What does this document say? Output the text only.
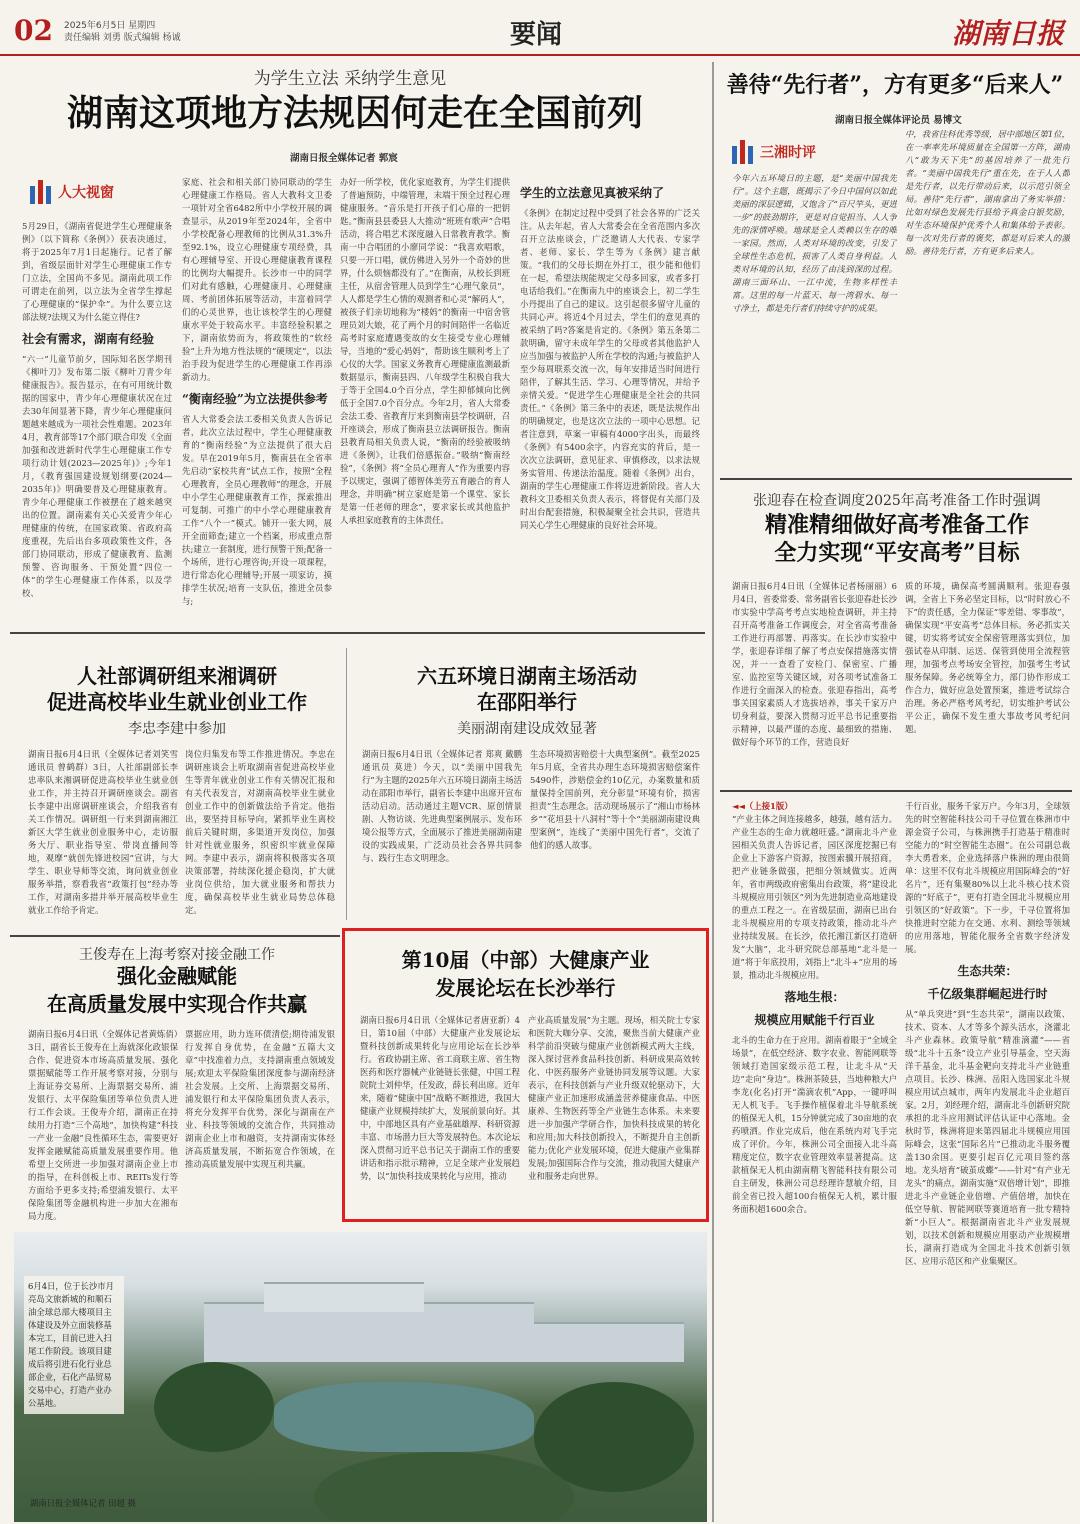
02 2025年6月5日 星期四
责任编辑 刘勇 版式编辑 杨诚	要闻	湖南日报
为学生立法 采纳学生意见
湖南这项地方法规因何走在全国前列
湖南日报全媒体记者 郭宸
人大视窗

5月29日，《湖南省促进学生心理健康条例》（以下简称《条例》）获表决通过，将于2025年7月1日起施行。记者了解到，省级层面针对学生心理健康工作专门立法，全国尚不多见。湖南此项工作可谓走在前列，以立法为全省学生撑起了心理健康的“保护伞”。为什么要立这部法规?法规又为什么能立得住?

社会有需求，湖南有经验

“六一”儿童节前夕，国际知名医学期刊《柳叶刀》发布第二版《柳叶刀青少年健康报告》。报告显示，在有可用统计数据的国家中，青少年心理健康状况在过去30年间显著下降，青少年心理健康问题越来越成为一项社会性难题。2023年4月，教育部等17个部门联合印发《全面加强和改进新时代学生心理健康工作专项行动计划(2023—2025年)》;今年1月，《教育强国建设规划纲要(2024—2035年)》明确要普及心理健康教育。青少年心理健康工作被摆在了越来越突出的位置。湖南素有关心关爱青少年心理健康的传统，在国家政策、省政府高度重视，先后出台多项政策性文件，各部门协同联动，形成了健康教育、监测预警、咨询服务、干预处置“四位一体”的学生心理健康工作体系，以及学校、

家庭、社会和相关部门协同联动的学生心理健康工作格局。省人大教科文卫委一项针对全省6482所中小学校开展的调查显示，从2019年至2024年，全省中小学校配备心理教师的比例从31.3%升至92.1%，设立心理健康专项经费，具有心理辅导室、开设心理健康教育课程的比例均大幅提升。长沙市一中的同学们对此有感触，心理健康月、心理健康周、考前团体拓展等活动，丰富着同学们的心灵世界，也让该校学生的心理健康水平处于较高水平。丰富经验积累之下，湖南依势而为，将政策性的“软经验”上升为地方性法规的“硬规定”，以法治手段为促进学生的心理健康工作再添新动力。

“衡南经验”为立法提供参考

省人大常委会法工委相关负责人告诉记者，此次立法过程中，学生心理健康教育的“衡南经验”为立法提供了很大启发。早在2019年5月，衡南县在全省率先启动“家校共育”试点工作，按照“全程心理教育，全员心理教师”的理念，开展中小学生心理健康教育工作，探索推出可复制、可推广的中小学心理健康教育工作“八个一”模式。铺开一张大网，展开全面筛查;建立一个档案，形成重点帮扶;建立一套制度，进行预警干预;配备一个场所，进行心理咨询;开设一项课程，进行常态化心理辅导;开展一项家访，摸排学生状况;培育一支队伍，推进全员参与;

办好一所学校，优化家庭教育，为学生们提供了普遍预防，中端管理，末端干预全过程心理健康服务。“音乐是打开孩子们心扉的一把钥匙。”衡南县县委县人大推动“班班有歌声”合唱活动，将合唱艺术深度融入日常教育教学。衡南一中合唱团的小廖同学说：“我喜欢唱歌，只要一开口唱，就仿佛进入另外一个奇妙的世界，什么烦恼都没有了。”在衡南，从校长到班主任，从宿舍管理人员到学生“心理气象员”，人人都是学生心情的观测者和心灵“解码人”，被孩子们亲切地称为“楼妈”的衡南一中宿舍管理员刘大娘，花了两个月的时间陪伴一名临近高考时家庭遭遇变故的女生接受专业心理辅导，当地的“爱心妈妈”，帮助该生顺利考上了心仪的大学。国家义务教育心理健康监测最新数据显示，衡南县四、八年级学生积极自我大于等于全国4.0个百分点，学生抑郁倾向比例低于全国7.0个百分点。今年2月，省人大常委会法工委、省教育厅来到衡南县学校调研，召开座谈会，形成了衡南县立法调研报告。衡南县教育局相关负责人说，“衡南的经验被吸纳进《条例》，让我们倍感振奋。”吸纳“衡南经验”，《条例》将“全员心理育人”作为重要内容予以规定，强调了德智体美劳五育融合的育人理念，并明确“树立家庭是第一个课堂、家长是第一任老师的理念”，要求家长或其他监护人承担家庭教育的主体责任。

学生的立法意见真被采纳了

《条例》在制定过程中受到了社会各界的广泛关注。从去年起，省人大常委会在全省范围内多次召开立法座谈会，广泛邀请人大代表、专家学者、老师、家长、学生等为《条例》建言献策。“我们的父母长期在外打工，很少能和他们在一起，希望法规能规定父母多回家，或者多打电话给我们。”在衡南九中的座谈会上，初二学生小丹提出了自己的建议。这引起很多留守儿童的共同心声。将近4个月过去，学生们的意见真的被采纳了吗?答案是肯定的。《条例》第五条第二款明确，留守未成年学生的父母或者其他监护人应当加强与被监护人所在学校的沟通;与被监护人至少每周联系交流一次，每年安排适当时间进行陪伴，了解其生活、学习、心理等情况，并给予亲情关爱。“促进学生心理健康是全社会的共同责任。”《条例》第三条中的表述，既是法规作出的明确规定，也是这次立法的一项中心思想。记者注意到，草案一审稿有4000字出头，而最终《条例》有5400余字，内容充实的背后，是一次次立法调研，意见征求、审慎修改，以求法规务实管用、传递法治温度。随着《条例》出台，湖南的学生心理健康工作将迈进新阶段。省人大教科文卫委相关负责人表示，将督促有关部门及时出台配套措施，积极凝聚全社会共识，营造共同关心学生心理健康的良好社会环境。

善待“先行者”，方有更多“后来人”
湖南日报全媒体评论员 易博文
三湘时评

今年六五环境日的主题，是“美丽中国我先行”。这个主题，既揭示了今日中国何以如此美丽的深层逻辑，又饱含了“百尺竿头，更进一步”的鼓劲期许，更是对自觉担当、人人争先的深情呼唤。地球是全人类赖以生存的唯一家园。然而，人类对环境的改变，引发了全球性生态危机，损害了人类自身利益。人类对环境的认知，经历了由浅到深的过程。湖南三面环山、一江中流，生物多样性丰富。这里的每一片蓝天、每一湾碧水、每一寸净土，都是先行者们持续守护的成果。

中，我省往科优秀等级，居中部地区第1位，在一率率先环境质量在全国第一方阵，湖南八“敢为天下先”的基因培养了一批先行者。“美丽中国我先行”重在先，在于人人都是先行者，以先行带动后来，以示范引领全局。善待“先行者”，湖南拿出了务实举措：比如对绿色发展先行县给予真金白银奖励，对生态环境保护优秀个人和集体给予表彰。每一次对先行者的褒奖，都是对后来人的激励。善待先行者，方有更多后来人。

张迎春在检查调度2025年高考准备工作时强调
精准精细做好高考准备工作
全力实现“平安高考”目标

湖南日报6月4日讯（全媒体记者杨丽丽）6月4日，省委常委、常务副省长张迎春赴长沙市实验中学高考考点实地检查调研，并主持召开高考准备工作调度会，对全省高考准备工作进行再部署、再落实。在长沙市实验中学，张迎春详细了解了考点安保措施落实情况，并一一查看了安检门、保密室、广播室、监控室等关键区域，对各项考试准备工作进行全面深入的检查。张迎春指出，高考事关国家素质人才选拔培养，事关千家万户切身利益，要深入贯彻习近平总书记重要指示精神，以最严谨的态度、最细致的措施、做好每个环节的工作，营造良好

质的环境，确保高考圆满顺利。张迎春强调，全省上下务必坚定目标，以“时时放心不下”的责任感，全力保证“零差错、零事故”，确保实现“平安高考”总体目标。务必抓实关键，切实将考试安全保密管理落实到位，加强试卷从印制、运送、保管到使用全流程管理，加强考点考场安全管控，加强考生考试服务保障。务必统筹全力，部门协作形成工作合力，做好应急处置预案，推进考试综合治理。务必严格考风考纪，切实维护考试公平公正，确保不发生重大事故考风考纪问题。

人社部调研组来湘调研
促进高校毕业生就业创业工作
李忠李建中参加

湖南日报6月4日讯（全媒体记者刘笑雪 通讯员 曾鹤群）3日，人社部副部长李忠率队来湘调研促进高校毕业生就业创业工作，并主持召开调研座谈会。副省长李建中出席调研座谈会，介绍我省有关工作情况。调研组一行来到湖南湘江新区大学生就业创业服务中心，走访服务大厅、职业指导室、带岗直播间等地，观摩“就创先锋进校园”宣讲，与大学生、职业导师等交流，询问就业创业服务举措，察看我省“政策打包”经办等工作，对湖南多措并举开展高校毕业生就业工作给予肯定。

岗位归集发布等工作推进情况。李忠在调研座谈会上听取湖南省促进高校毕业生等青年就业创业工作有关情况汇报和有关代表发言，对湖南高校毕业生就业创业工作中的创新做法给予肯定。他指出，要坚持目标导向，紧抓毕业生离校前后关键时期，多渠道开发岗位，加强针对性就业服务，织密织牢就业保障网。李建中表示，湖南将积极落实各项决策部署，持续深化援企稳岗，扩大就业岗位供给，加大就业服务和帮扶力度，确保高校毕业生就业局势总体稳定。

六五环境日湖南主场活动
在邵阳举行
美丽湖南建设成效显著

湖南日报6月4日讯（全媒体记者 郑爽 戴鹏 通讯员 莫进）今天，以“美丽中国我先行”为主题的2025年六五环境日湖南主场活动在邵阳市举行，副省长李建中出席开宣布活动启动。活动通过主题VCR、原创情景剧、人物访谈、先进典型案例展示、发布环境公报等方式，全面展示了推进美丽湖南建设的实践成果，广泛动员社会各界共同参与、践行生态文明理念。

生态环境损害赔偿十大典型案例”。截至2025年5月底，全省共办理生态环境损害赔偿案件5490件，涉赔偿金约10亿元，办案数量和质量保持全国前列，充分彰显“环境有价，损害担责”生态理念。活动现场展示了“湘山市杨林乡”“花垣县十八洞村”等十个“美丽湖南建设典型案例”，连线了“美丽中国先行者”，交流了他们的感人故事。

王俊寿在上海考察对接金融工作
强化金融赋能
在高质量发展中实现合作共赢

湖南日报6月4日讯（全媒体记者黄炼俏）3日，副省长王俊寿在上海就深化政银保合作、促进资本市场高质量发展、强化票据赋能等工作开展考察对接，分别与上海证券交易所、上海票据交易所、浦发银行、太平保险集团等单位负责人进行工作会谈。王俊寿介绍，湖南正在持续用力打造“三个高地”，加快构建“科技一产业一金融”良性循环生态，需要更好发挥金融赋能高质量发展重要作用。他希望上交所进一步加强对湖南企业上市的指导，在科创板上市、REITs发行等方面给予更多支持;希望浦发银行、太平保险集团等金融机构进一步加大在湘布局力度。

票据应用，助力连环债清偿;期待浦发银行发挥自身优势，在金融“五篇大文章”中找准着力点，支持湖南重点领域发展;欢迎太平保险集团深度参与湖南经济社会发展。上交所、上海票据交易所、浦发银行和太平保险集团负责人表示，将充分发挥平台优势，深化与湖南在产业、科技等领域的交流合作，共同推动湖南企业上市和融资，支持湖南实体经济高质量发展，不断拓宽合作领域，在推动高质量发展中实现互利共赢。

第10届（中部）大健康产业
发展论坛在长沙举行

湖南日报6月4日讯（全媒体记者唐亚新）4日，第10届（中部）大健康产业发展论坛暨科技创新成果转化与应用论坛在长沙举行。省政协副主席、省工商联主席、省生物医药和医疗器械产业链链长张健，中国工程院院士刘仲华，任发政，薛长利出席。近年来，随着“健康中国”战略不断推进，我国大健康产业规模持续扩大，发展前景向好。其中，中部地区具有产业基础雄厚、科研资源丰富、市场潜力巨大等发展特色。本次论坛深入贯彻习近平总书记关于湖南工作的重要讲话和指示批示精神，立足全球产业发展趋势，以“加快科技成果转化与应用，推动

产业高质量发展”为主题。现场，相关院士专家和医院大咖分享、交流，聚焦当前大健康产业科学前沿突破与健康产业创新模式两大主线，深入探讨营养食品科技创新、科研成果高效转化、中医药服务产业链协同发展等议题。大家表示，在科技创新与产业升级双轮驱动下，大健康产业正加速形成涵盖营养健康食品、中医康养、生物医药等全产业链生态体系。未来要进一步加强产学研合作，加快科技成果的转化和应用;加大科技创新投入，不断提升自主创新能力;优化产业发展环境，促进大健康产业集群发展;加强国际合作与交流，推动我国大健康产业和服务走向世界。

◄◄（上接1版）

“产业主体之间连接越多，越强，越有活力。产业生态的生命力就越旺盛。”湖南北斗产业园相关负责人告诉记者，园区深度挖掘已有企业上下游客户资源，按图索骥开展招商，把产业链条做强，把细分领域做实。近两年，省市两级政府密集出台政策，将“建设北斗规模应用引领区”列为先进制造业高地建设的重点工程之一。在省级层面，湖南已出台北斗规模应用的专项支持政策，推动北斗产业持续发展。在长沙，依托湘江新区打造研发“大脑”，北斗研究院总部基地“北斗是一道”将于年底投用，刘指上“北斗+”应用的场景，推动北斗规模应用。

落地生根：
规模应用赋能千行百业

北斗的生命力在于应用。湖南着眼于“全域全场景”，在低空经济、数字农业、智能网联等领域打造国家级示范工程，让北斗从“天边”走向“身边”。株洲茶陵县，当地种粮大户李龙(化名)打开“湍滴农机”App，一键呼叫无人机飞手。飞手操作植保着北斗导航系统的植保无人机，15分钟就完成了30亩地的农药喷洒。作业完成后，他在系统内对飞手完成了评价。今年，株洲公司全面接入北斗高精度定位，数字农业管理效率显著提高。这款植保无人机由湖南精飞智能科技有限公司自主研发，株洲公司总经理许慧敏介绍，目前全省已投入超100台植保无人机，累计服务面积超1600余合。

千行百业，服务千家万户。今年3月，全球领先的时空智能科技公司千寻位置在株洲市中源金资子公司，与株洲携手打造基于精准时空能力的“时空智能生态圈”。在公司副总裁李大勇看来，企业选择落户株洲的理由很简单：这里不仅有北斗规模应用国际峰会的“好名片”，还有集聚80%以上北斗核心技术资源的“好底子”，更有打造全国北斗规模应用引领区的“好政策”。下一步，千寻位置将加快推进时空能力在交通、水利、测绘等领域的应用落地，智能化服务全省数字经济发展。

生态共荣：
千亿级集群崛起进行时

从“单兵突进”到“生态共荣”，湖南以政策、技术、资本、人才等多个源头活水，浇灌北斗产业森林。政策导航“精准滴灌”——省级“北斗十五条”设立产业引导基金，空天海洋千基金，北斗基金靶向支持北斗产业链重点项目。长沙、株洲、岳阳入选国家北斗规模应用试点城市，两年内发展北斗企业超百家。2月，刘经理介绍，湖南北斗创新研究院承担的北斗应用测试评估认证中心落地。金秋时节，株洲将迎来第四届北斗规模应用国际峰会，这张“国际名片”已推动北斗服务覆盖130余国。更要引起百亿元项目签约落地。龙头培育“破茧成蝶”——针对“有产业无龙头”的痛点，湖南实施“双倍增计划”，即推进北斗产业链企业倍增、产值倍增，加快在低空导航、智能网联等赛道培育一批专精特新“小巨人”。根据湖南省北斗产业发展规划，以技术创新和规模应用驱动产业规模增长，湖南打造成为全国北斗技术创新引领区、应用示范区和产业集聚区。

6月4日，位于长沙市月亮岛文旅新城的和顺石油全球总部大楼项目主体建设及外立面装修基本完工，目前已进入扫尾工作阶段。该项目建成后将引进石化行业总部企业，石化产品贸易交易中心，打造产业办公基地。
湖南日报全媒体记者 田超 摄
